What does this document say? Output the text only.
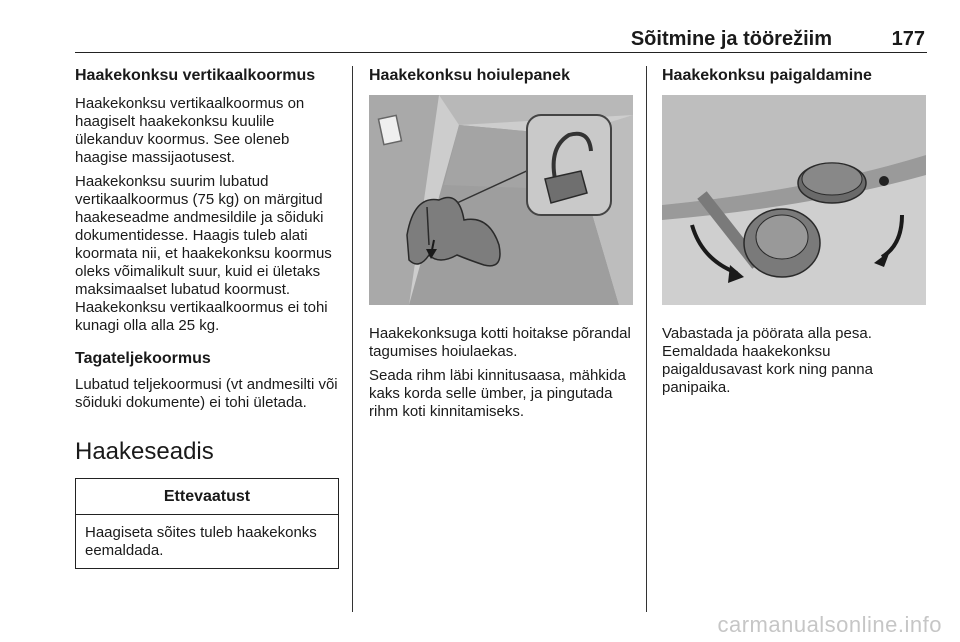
Sõitmine ja töörežiim	177
Haakekonksu vertikaalkoormus

Haakekonksu vertikaalkoormus on haagiselt haakekonksu kuulile ülekanduv koormus. See oleneb haagise massijaotusest.

Haakekonksu suurim lubatud vertikaalkoormus (75 kg) on märgitud haakeseadme andmesildile ja sõiduki dokumentidesse. Haagis tuleb alati koormata nii, et haakekonksu koormus oleks võimalikult suur, kuid ei ületaks maksimaalset lubatud koormust. Haakekonksu vertikaalkoormus ei tohi kunagi olla alla 25 kg.

Tagateljekoormus

Lubatud teljekoormusi (vt andmesilti või sõiduki dokumente) ei tohi ületada.

Haakeseadis
Ettevaatust
Haagiseta sõites tuleb haakekonks eemaldada.
Haakekonksu hoiulepanek

Haakekonksuga kotti hoitakse põrandal tagumises hoiulaekas.

Seada rihm läbi kinnitusaasa, mähkida kaks korda selle ümber, ja pingutada rihm koti kinnitamiseks.

Haakekonksu paigaldamine

Vabastada ja pöörata alla pesa. Eemaldada haakekonksu paigaldusavast kork ning panna panipaika.

carmanualsonline.info
